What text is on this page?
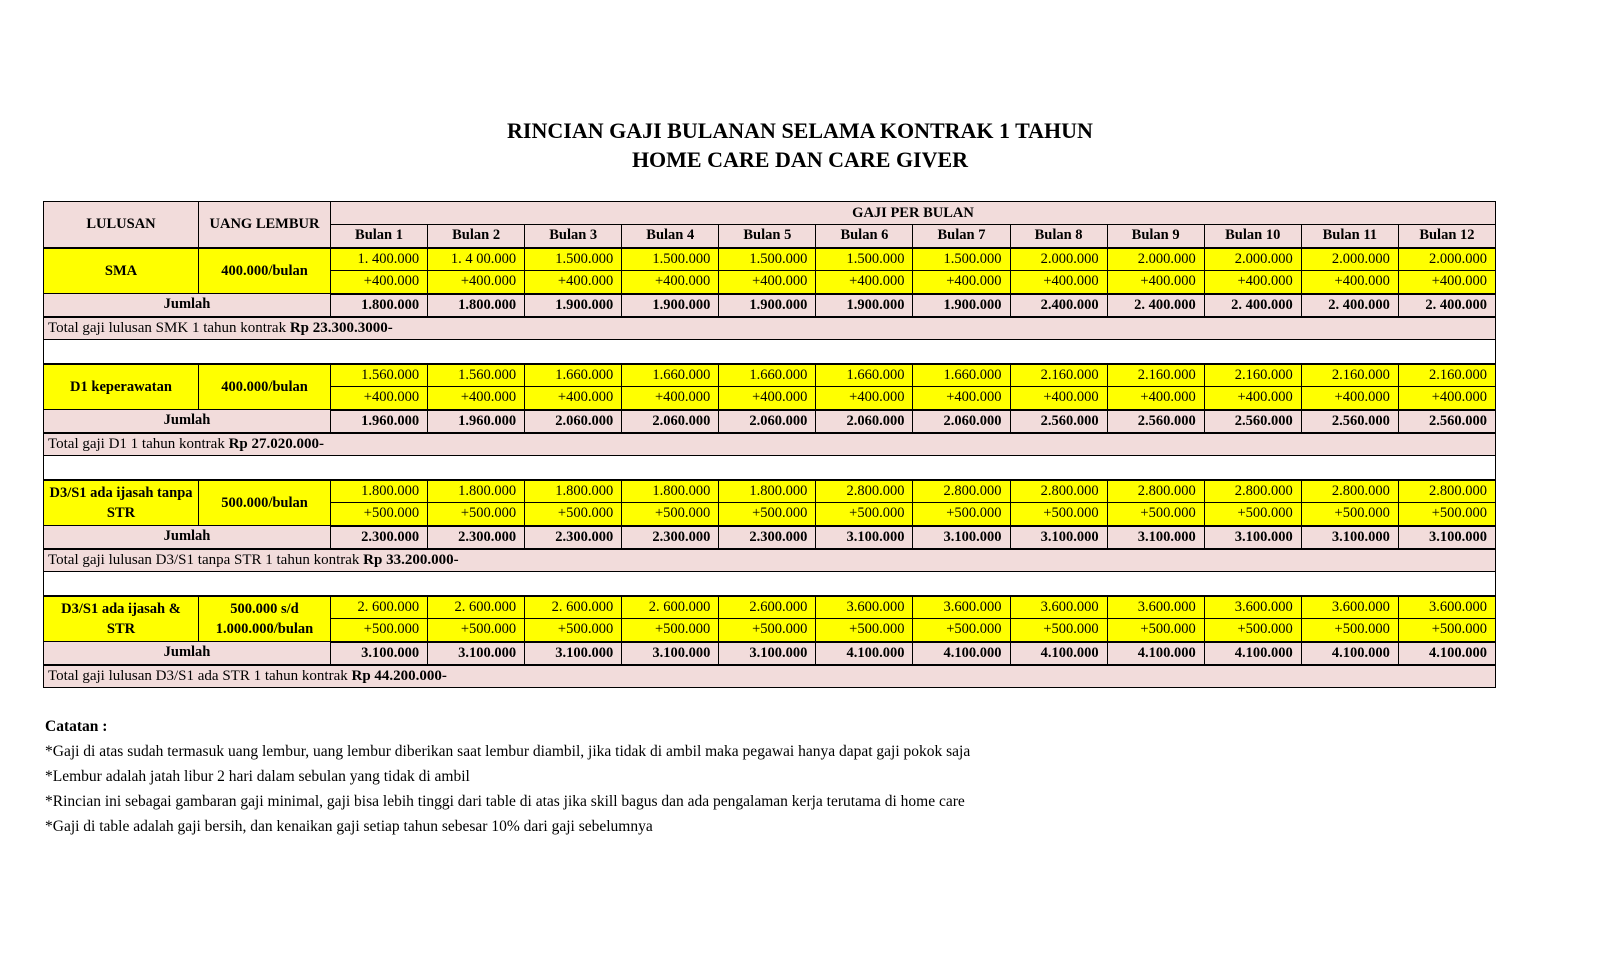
RINCIAN GAJI BULANAN SELAMA KONTRAK 1 TAHUN
HOME CARE DAN CARE GIVER
LULUSAN	UANG LEMBUR	GAJI PER BULAN											
		Bulan 1	Bulan 2	Bulan 3	Bulan 4	Bulan 5	Bulan 6	Bulan 7	Bulan 8	Bulan 9	Bulan 10	Bulan 11	Bulan 12
SMA	400.000/bulan	1. 400.000	1. 4 00.000	1.500.000	1.500.000	1.500.000	1.500.000	1.500.000	2.000.000	2.000.000	2.000.000	2.000.000	2.000.000
		+400.000	+400.000	+400.000	+400.000	+400.000	+400.000	+400.000	+400.000	+400.000	+400.000	+400.000	+400.000
Jumlah		1.800.000	1.800.000	1.900.000	1.900.000	1.900.000	1.900.000	1.900.000	2.400.000	2. 400.000	2. 400.000	2. 400.000	2. 400.000
Total gaji lulusan SMK 1 tahun kontrak Rp 23.300.3000-													

D1 keperawatan	400.000/bulan	1.560.000	1.560.000	1.660.000	1.660.000	1.660.000	1.660.000	1.660.000	2.160.000	2.160.000	2.160.000	2.160.000	2.160.000
		+400.000	+400.000	+400.000	+400.000	+400.000	+400.000	+400.000	+400.000	+400.000	+400.000	+400.000	+400.000
Jumlah		1.960.000	1.960.000	2.060.000	2.060.000	2.060.000	2.060.000	2.060.000	2.560.000	2.560.000	2.560.000	2.560.000	2.560.000
Total gaji D1 1 tahun kontrak Rp 27.020.000-													

D3/S1 ada ijasah tanpa STR	500.000/bulan	1.800.000	1.800.000	1.800.000	1.800.000	1.800.000	2.800.000	2.800.000	2.800.000	2.800.000	2.800.000	2.800.000	2.800.000
		+500.000	+500.000	+500.000	+500.000	+500.000	+500.000	+500.000	+500.000	+500.000	+500.000	+500.000	+500.000
Jumlah		2.300.000	2.300.000	2.300.000	2.300.000	2.300.000	3.100.000	3.100.000	3.100.000	3.100.000	3.100.000	3.100.000	3.100.000
Total gaji lulusan D3/S1 tanpa STR 1 tahun kontrak Rp 33.200.000-													

D3/S1 ada ijasah & STR	500.000 s/d 1.000.000/bulan	2. 600.000	2. 600.000	2. 600.000	2. 600.000	2.600.000	3.600.000	3.600.000	3.600.000	3.600.000	3.600.000	3.600.000	3.600.000
		+500.000	+500.000	+500.000	+500.000	+500.000	+500.000	+500.000	+500.000	+500.000	+500.000	+500.000	+500.000
Jumlah		3.100.000	3.100.000	3.100.000	3.100.000	3.100.000	4.100.000	4.100.000	4.100.000	4.100.000	4.100.000	4.100.000	4.100.000
Total gaji lulusan D3/S1 ada STR 1 tahun kontrak Rp 44.200.000-													
Catatan :
*Gaji di atas sudah termasuk uang lembur, uang lembur diberikan saat lembur diambil, jika tidak di ambil maka pegawai hanya dapat gaji pokok saja
*Lembur adalah jatah libur 2 hari dalam sebulan yang tidak di ambil
*Rincian ini sebagai gambaran gaji minimal, gaji bisa lebih tinggi dari table di atas jika skill bagus dan ada pengalaman kerja terutama di home care
*Gaji di table adalah gaji bersih, dan kenaikan gaji setiap tahun sebesar 10% dari gaji sebelumnya
